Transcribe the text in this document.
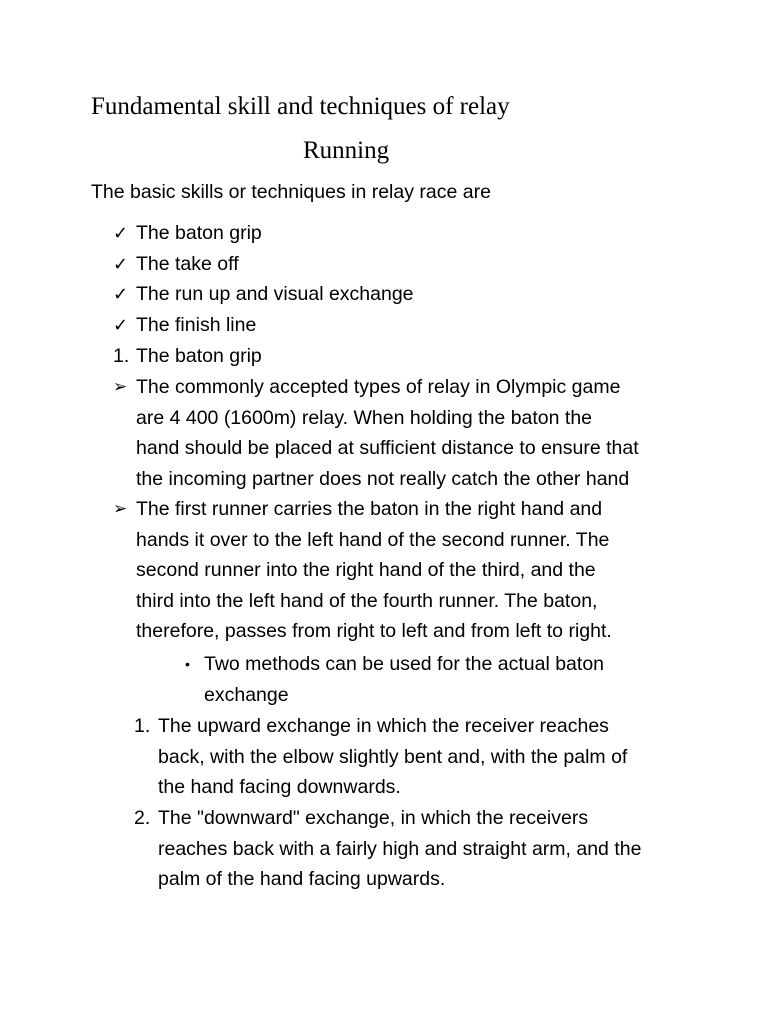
Fundamental skill and techniques of relay
Running
The basic skills or techniques in relay race are
✓ The baton grip
✓ The take off
✓ The run up and visual exchange
✓ The finish line
1. The baton grip
➢ The commonly accepted types of relay in Olympic game
are 4 400 (1600m) relay. When holding the baton the
hand should be placed at sufficient distance to ensure that
the incoming partner does not really catch the other hand
➢ The first runner carries the baton in the right hand and
hands it over to the left hand of the second runner. The
second runner into the right hand of the third, and the
third into the left hand of the fourth runner. The baton,
therefore, passes from right to left and from left to right.
• Two methods can be used for the actual baton
exchange
1. The upward exchange in which the receiver reaches
back, with the elbow slightly bent and, with the palm of
the hand facing downwards.
2. The "downward" exchange, in which the receivers
reaches back with a fairly high and straight arm, and the
palm of the hand facing upwards.
